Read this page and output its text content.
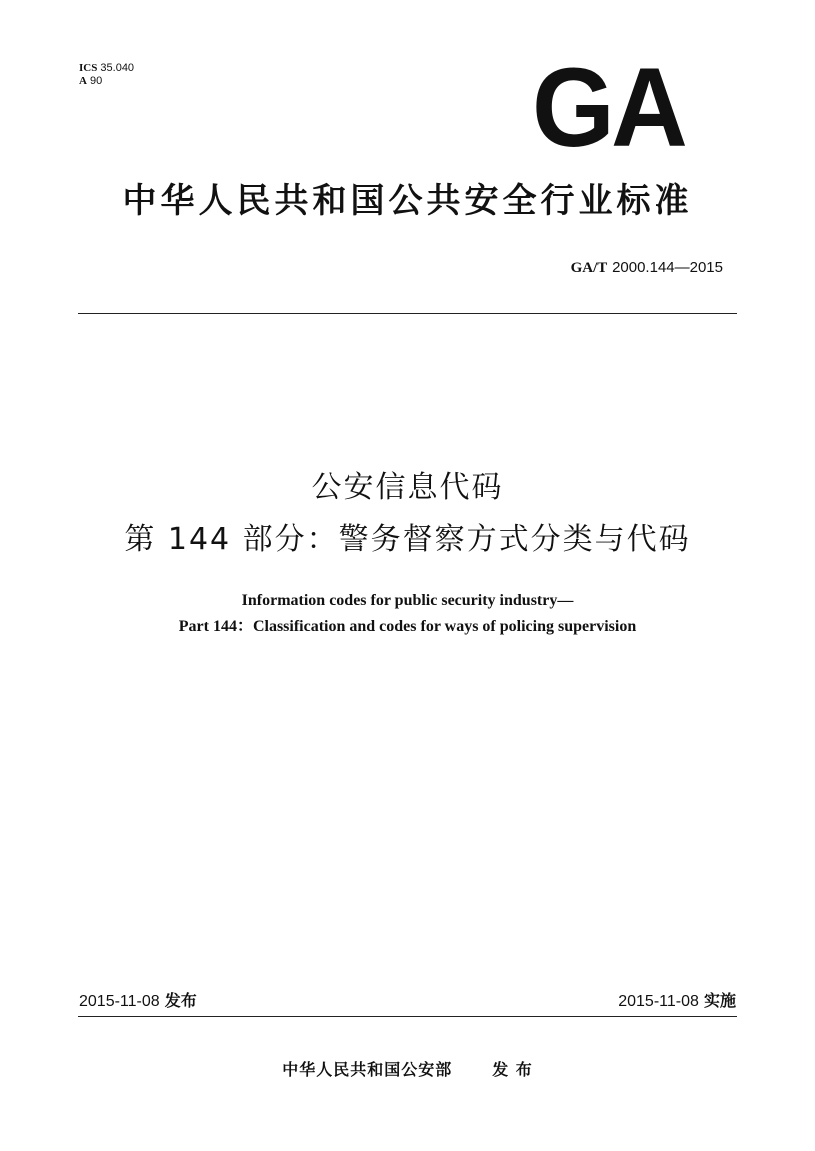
ICS 35.040
A 90	GA
中华人民共和国公共安全行业标准
GA/T 2000.144—2015
公安信息代码
第 144 部分：警务督察方式分类与代码
Information codes for public security industry—
Part 144：Classification and codes for ways of policing supervision
2015-11-08 发布	2015-11-08 实施
中华人民共和国公安部	发 布
